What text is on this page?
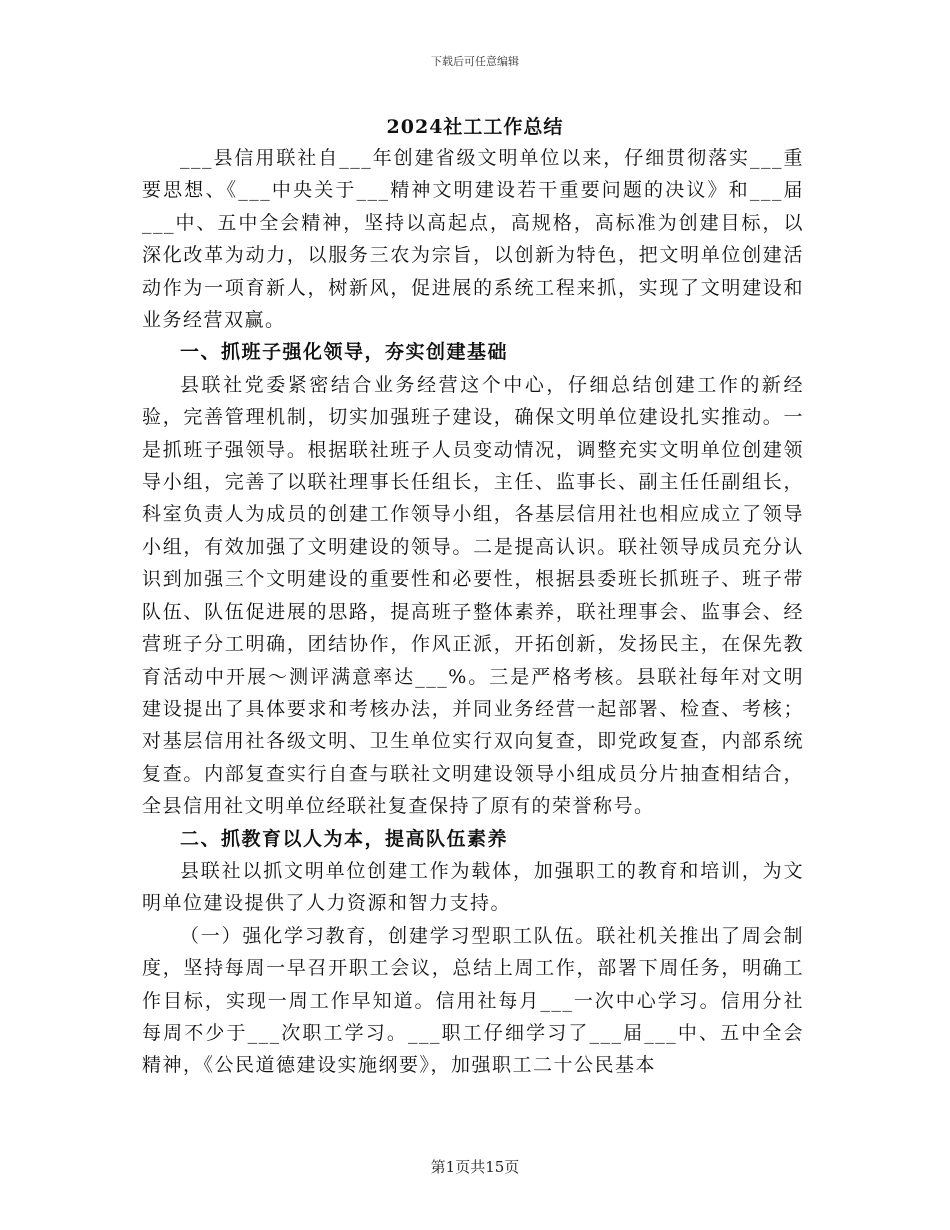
下载后可任意编辑
2024社工工作总结

___县信用联社自___年创建省级文明单位以来，仔细贯彻落实___重要思想、《___中央关于___精神文明建设若干重要问题的决议》和___届___中、五中全会精神，坚持以高起点，高规格，高标准为创建目标，以深化改革为动力，以服务三农为宗旨，以创新为特色，把文明单位创建活动作为一项育新人，树新风，促进展的系统工程来抓，实现了文明建设和业务经营双赢。

一、抓班子强化领导，夯实创建基础

县联社党委紧密结合业务经营这个中心，仔细总结创建工作的新经验，完善管理机制，切实加强班子建设，确保文明单位建设扎实推动。一是抓班子强领导。根据联社班子人员变动情况，调整充实文明单位创建领导小组，完善了以联社理事长任组长，主任、监事长、副主任任副组长，科室负责人为成员的创建工作领导小组，各基层信用社也相应成立了领导小组，有效加强了文明建设的领导。二是提高认识。联社领导成员充分认识到加强三个文明建设的重要性和必要性，根据县委班长抓班子、班子带队伍、队伍促进展的思路，提高班子整体素养，联社理事会、监事会、经营班子分工明确，团结协作，作风正派，开拓创新，发扬民主，在保先教育活动中开展～测评满意率达___%。三是严格考核。县联社每年对文明建设提出了具体要求和考核办法，并同业务经营一起部署、检查、考核；对基层信用社各级文明、卫生单位实行双向复查，即党政复查，内部系统复查。内部复查实行自查与联社文明建设领导小组成员分片抽查相结合，全县信用社文明单位经联社复查保持了原有的荣誉称号。

二、抓教育以人为本，提高队伍素养

县联社以抓文明单位创建工作为载体，加强职工的教育和培训，为文明单位建设提供了人力资源和智力支持。

（一）强化学习教育，创建学习型职工队伍。联社机关推出了周会制度，坚持每周一早召开职工会议，总结上周工作，部署下周任务，明确工作目标，实现一周工作早知道。信用社每月___一次中心学习。信用分社每周不少于___次职工学习。___职工仔细学习了___届___中、五中全会精神，《公民道德建设实施纲要》，加强职工二十公民基本

第1页共15页
